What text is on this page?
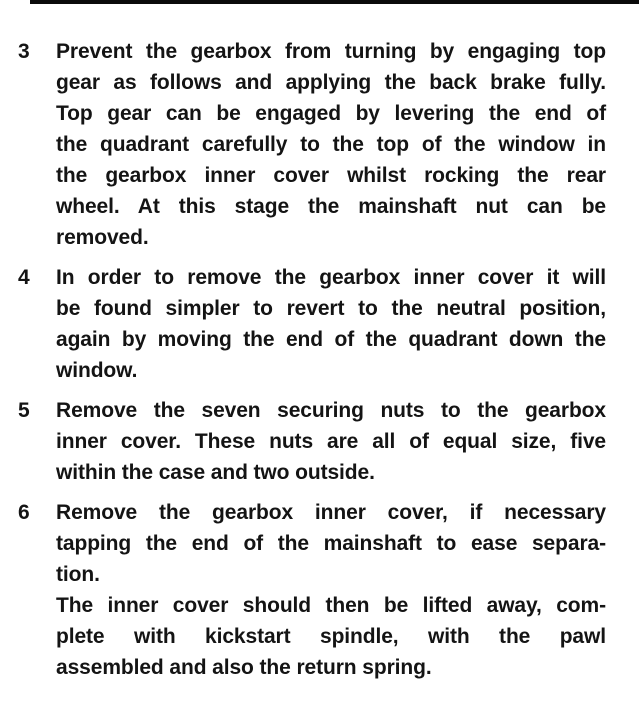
3	Prevent the gearbox from turning by engaging top
gear as follows and applying the back brake fully.
Top gear can be engaged by levering the end of
the quadrant carefully to the top of the window in
the gearbox inner cover whilst rocking the rear
wheel. At this stage the mainshaft nut can be
removed.
4	In order to remove the gearbox inner cover it will
be found simpler to revert to the neutral position,
again by moving the end of the quadrant down the
window.
5	Remove the seven securing nuts to the gearbox
inner cover. These nuts are all of equal size, five
within the case and two outside.
6	Remove the gearbox inner cover, if necessary
tapping the end of the mainshaft to ease separa-
tion.
The inner cover should then be lifted away, com-
plete with kickstart spindle, with the pawl
assembled and also the return spring.
